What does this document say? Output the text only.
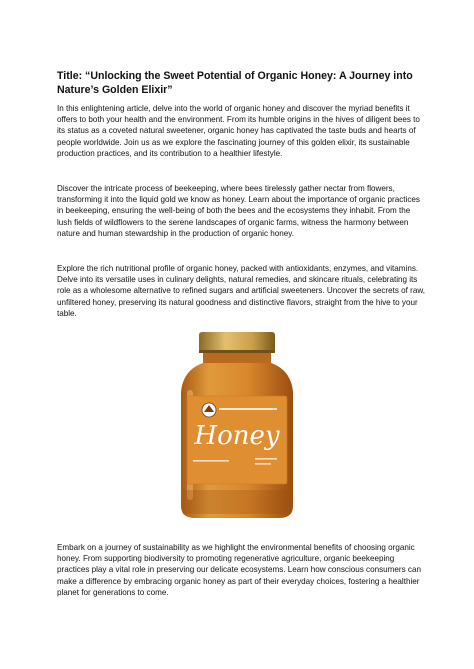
Title: “Unlocking the Sweet Potential of Organic Honey: A Journey into Nature’s Golden Elixir”

In this enlightening article, delve into the world of organic honey and discover the myriad benefits it offers to both your health and the environment. From its humble origins in the hives of diligent bees to its status as a coveted natural sweetener, organic honey has captivated the taste buds and hearts of people worldwide. Join us as we explore the fascinating journey of this golden elixir, its sustainable production practices, and its contribution to a healthier lifestyle.

Discover the intricate process of beekeeping, where bees tirelessly gather nectar from flowers, transforming it into the liquid gold we know as honey. Learn about the importance of organic practices in beekeeping, ensuring the well-being of both the bees and the ecosystems they inhabit. From the lush fields of wildflowers to the serene landscapes of organic farms, witness the harmony between nature and human stewardship in the production of organic honey.

Explore the rich nutritional profile of organic honey, packed with antioxidants, enzymes, and vitamins. Delve into its versatile uses in culinary delights, natural remedies, and skincare rituals, celebrating its role as a wholesome alternative to refined sugars and artificial sweeteners. Uncover the secrets of raw, unfiltered honey, preserving its natural goodness and distinctive flavors, straight from the hive to your table.

Honey

Embark on a journey of sustainability as we highlight the environmental benefits of choosing organic honey. From supporting biodiversity to promoting regenerative agriculture, organic beekeeping practices play a vital role in preserving our delicate ecosystems. Learn how conscious consumers can make a difference by embracing organic honey as part of their everyday choices, fostering a healthier planet for generations to come.
